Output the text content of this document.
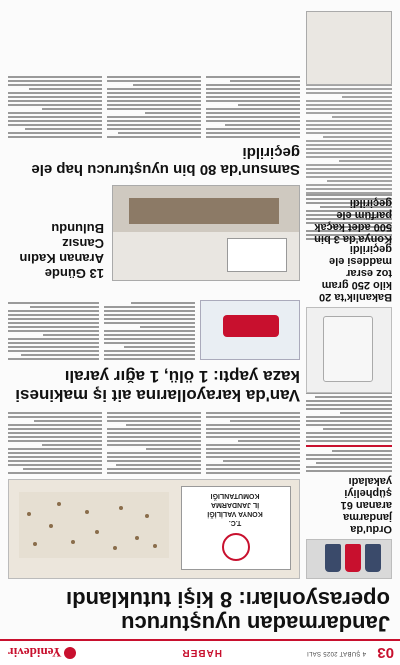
03
4 ŞUBAT 2025 SALI
HABER
Yenidevir
Jandarmadan uyuşturucu operasyonları: 8 kişi tutuklandı
Ordu'da jandarma aranan 61 şüpheliyi yakaladı
T.C.
KONYA VALİLİĞİ
İL JANDARMA KOMUTANLIĞI
Van'da karayollarına ait iş makinesi kaza yaptı: 1 ölü, 1 ağır yaralı
Bakanlık'ta 20 kilo 250 gram toz esrar maddesi ele geçirildi
13 Günde Aranan Kadın Cansız Bulundu
Samsun'da 80 bin uyuşturucu hap ele geçirildi
Konya'da 3 bin 500 adet kaçak parfüm ele geçirildi
